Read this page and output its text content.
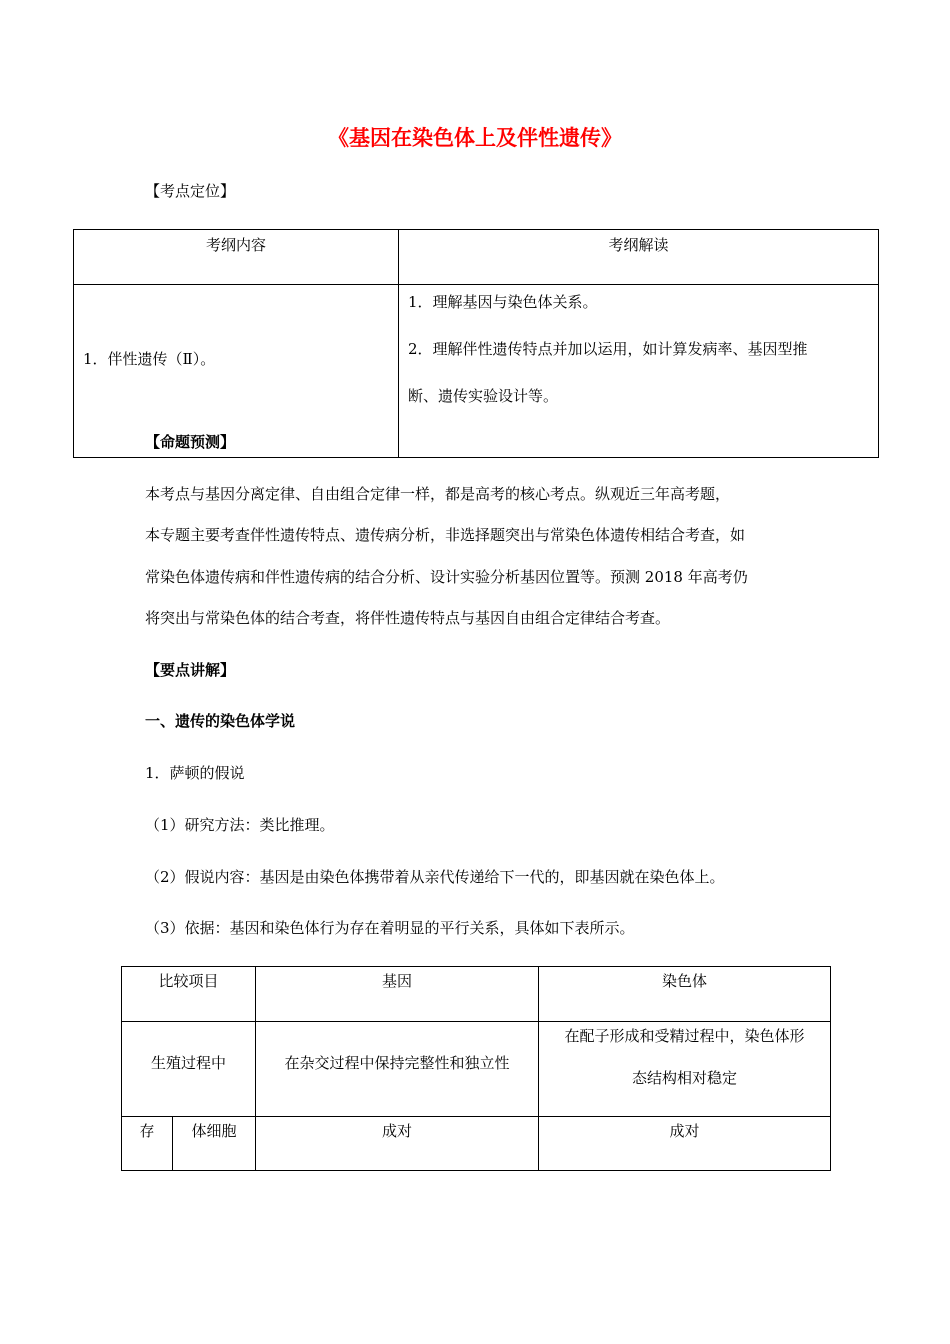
《基因在染色体上及伴性遗传》
【考点定位】
考纲内容	考纲解读
1．伴性遗传（Ⅱ）。	1．理解基因与染色体关系。
2．理解伴性遗传特点并加以运用，如计算发病率、基因型推
断、遗传实验设计等。
【命题预测】
本考点与基因分离定律、自由组合定律一样，都是高考的核心考点。纵观近三年高考题，
本专题主要考查伴性遗传特点、遗传病分析，非选择题突出与常染色体遗传相结合考查，如
常染色体遗传病和伴性遗传病的结合分析、设计实验分析基因位置等。预测 2018 年高考仍
将突出与常染色体的结合考查，将伴性遗传特点与基因自由组合定律结合考查。
【要点讲解】
一、遗传的染色体学说
1．萨顿的假说
（1）研究方法：类比推理。
（2）假说内容：基因是由染色体携带着从亲代传递给下一代的，即基因就在染色体上。
（3）依据：基因和染色体行为存在着明显的平行关系，具体如下表所示。
比较项目		基因	染色体
生殖过程中		在杂交过程中保持完整性和独立性	在配子形成和受精过程中，染色体形
态结构相对稳定

存	体细胞	成对	成对
